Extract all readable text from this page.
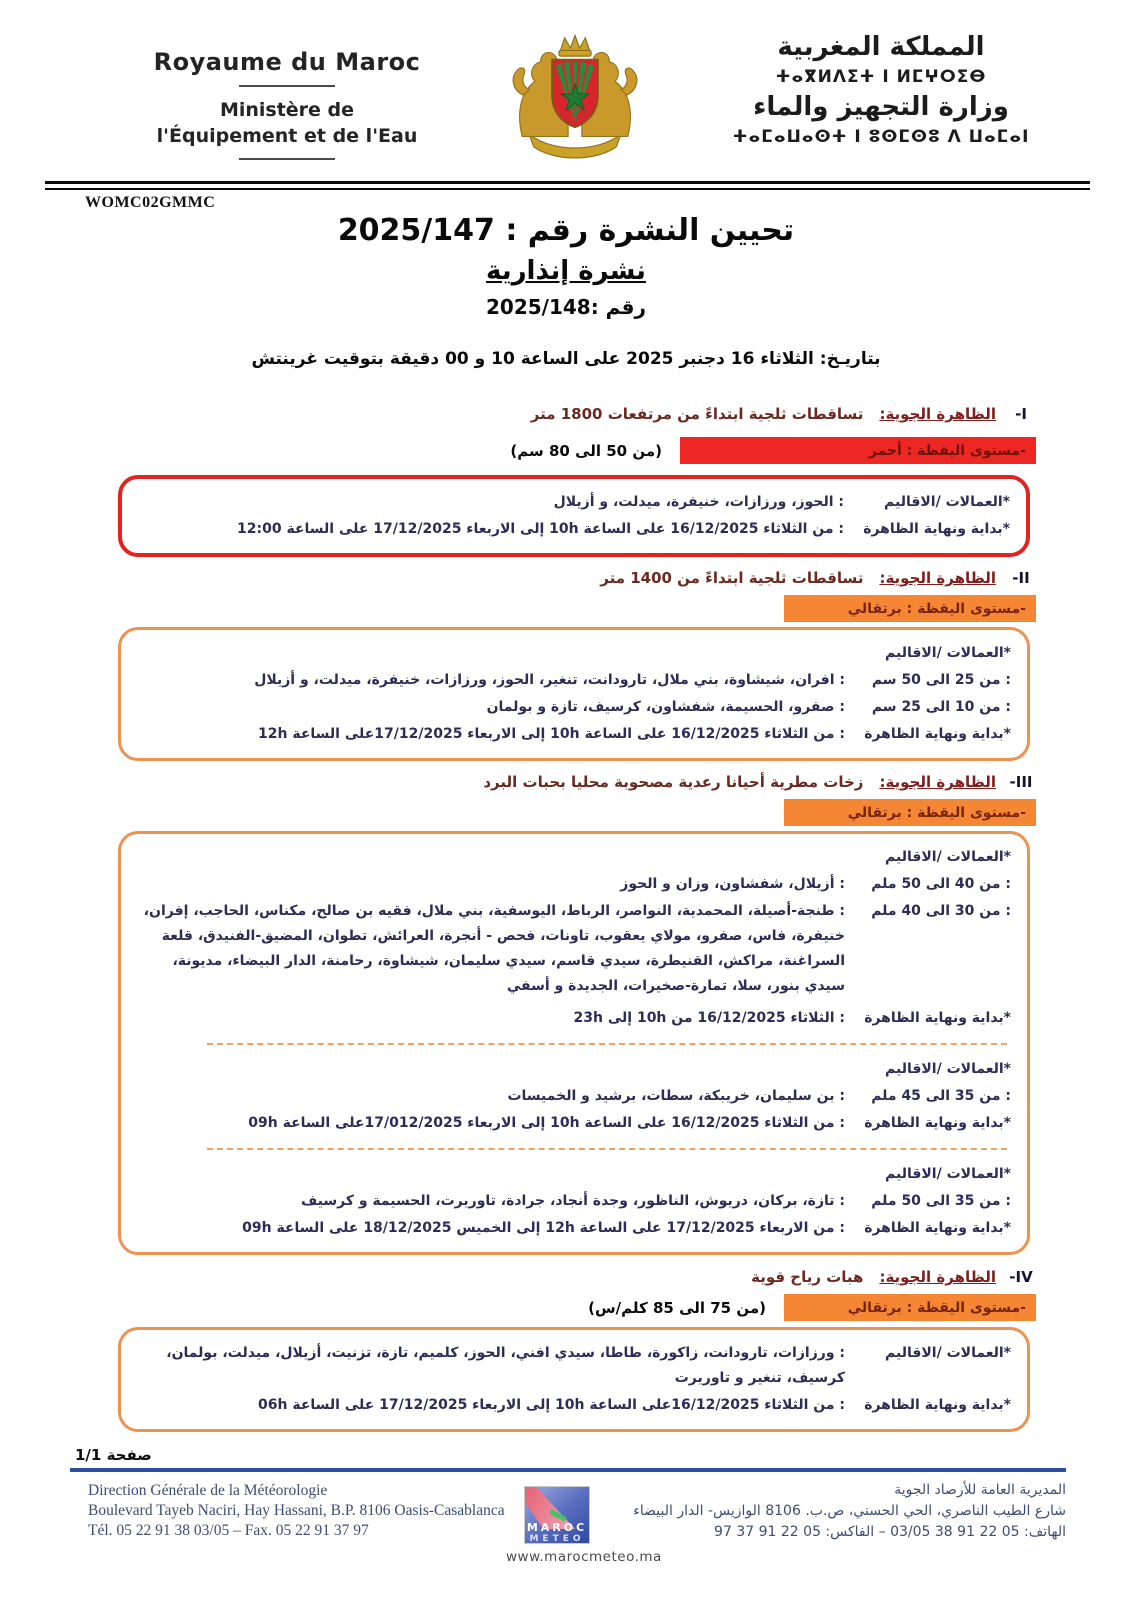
Royaume du Maroc
Ministère de
l'Équipement et de l'Eau
المملكة المغربية
ⵜⴰⴳⵍⴷⵉⵜ ⵏ ⵍⵎⵖⵔⵉⴱ
وزارة التجهيز والماء
ⵜⴰⵎⴰⵡⴰⵙⵜ ⵏ ⵓⵙⵎⵙⵓ ⴷ ⵡⴰⵎⴰⵏ
WOMC02GMMC
تحيين النشرة رقم : 2025/147
نشرة إنذارية
رقم :2025/148
بتاريـخ: الثلاثاء 16 دجنبر 2025 على الساعة 10 و 00 دقيقة بتوقيت غرينتش
-I
الظاهرة الجوية:
تساقطات ثلجية ابتداءً من مرتفعات 1800 متر
-مستوى اليقظة : أحمر
(من 50 الى 80 سم)
*العمالات /الاقاليم
: الحوز، ورزازات، خنيفرة، ميدلت، و أزيلال
*بداية ونهاية الظاهرة
: من الثلاثاء 16/12/2025 على الساعة 10h إلى الاربعاء 17/12/2025 على الساعة 12:00
-II
الظاهرة الجوية:
تساقطات ثلجية ابتداءً من 1400 متر
-مستوى اليقظة : برتقالي
*العمالات /الاقاليم
: من 25 الى 50 سم
: افران، شيشاوة، بني ملال، تارودانت، تنغير، الحوز، ورزازات، خنيفرة، ميدلت، و أزيلال
: من 10 الى 25 سم
: صفرو، الحسيمة، شفشاون، كرسيف، تازة و بولمان
*بداية ونهاية الظاهرة
: من الثلاثاء 16/12/2025 على الساعة 10h إلى الاربعاء 17/12/2025على الساعة 12h
-III
الظاهرة الجوية:
زخات مطرية أحيانا رعدية مصحوبة محليا بحبات البرد
-مستوى اليقظة : برتقالي
*العمالات /الاقاليم
: من 40 الى 50 ملم
: أزيلال، شفشاون، وزان و الحوز
: من 30 الى 40 ملم
: طنجة-أصيلة، المحمدية، النواصر، الرباط، اليوسفية، بني ملال، فقيه بن صالح، مكناس، الحاجب، إفران، خنيفرة، فاس، صفرو، مولاي يعقوب، تاونات، فحص - أنجرة، العرائش، تطوان، المضيق-الفنيدق، قلعة السراغنة، مراكش، القنيطرة، سيدي قاسم، سيدي سليمان، شيشاوة، رحامنة، الدار البيضاء، مديونة، سيدي بنور، سلا، تمارة-صخيرات، الجديدة و أسفي
*بداية ونهاية الظاهرة
: الثلاثاء 16/12/2025 من 10h إلى 23h
*العمالات /الاقاليم
: من 35 الى 45 ملم
: بن سليمان، خريبكة، سطات، برشيد و الخميسات
*بداية ونهاية الظاهرة
: من الثلاثاء 16/12/2025 على الساعة 10h إلى الاربعاء 17/012/2025على الساعة 09h
*العمالات /الاقاليم
: من 35 الى 50 ملم
: تازة، بركان، دريوش، الناظور، وجدة أنجاد، جرادة، تاوريرت، الحسيمة و كرسيف
*بداية ونهاية الظاهرة
: من الاربعاء 17/12/2025 على الساعة 12h إلى الخميس 18/12/2025 على الساعة 09h
-IV
الظاهرة الجوية:
هبات رياح قوية
-مستوى اليقظة : برتقالي
(من 75 الى 85 كلم/س)
*العمالات /الاقاليم
: ورزازات، تارودانت، زاكورة، طاطا، سيدي افني، الحوز، كلميم، تازة، تزنيت، أزيلال، ميدلت، بولمان، كرسيف، تنغير و تاوريرت
*بداية ونهاية الظاهرة
: من الثلاثاء 16/12/2025على الساعة 10h إلى الاربعاء 17/12/2025 على الساعة 06h
صفحة 1/1
Direction Générale de la Météorologie
Boulevard Tayeb Naciri, Hay Hassani, B.P. 8106 Oasis-Casablanca
Tél. 05 22 91 38 03/05 – Fax. 05 22 91 37 97	MAROC
METEO
www.marocmeteo.ma
المديرية العامة للأرصاد الجوية
شارع الطيب الناصري، الحي الحسني، ص.ب. 8106 الوازيس- الدار البيضاء
الهاتف: 05 22 91 38 03/05 – الفاكس: 05 22 91 37 97
